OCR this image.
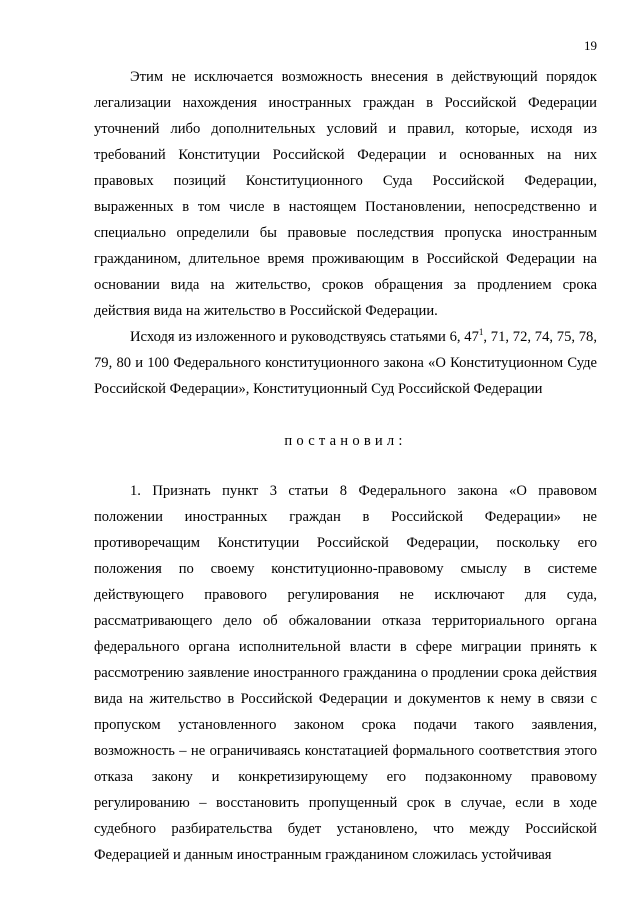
19

Этим не исключается возможность внесения в действующий порядок легализации нахождения иностранных граждан в Российской Федерации уточнений либо дополнительных условий и правил, которые, исходя из требований Конституции Российской Федерации и основанных на них правовых позиций Конституционного Суда Российской Федерации, выраженных в том числе в настоящем Постановлении, непосредственно и специально определили бы правовые последствия пропуска иностранным гражданином, длительное время проживающим в Российской Федерации на основании вида на жительство, сроков обращения за продлением срока действия вида на жительство в Российской Федерации.

Исходя из изложенного и руководствуясь статьями 6, $47^1$, 71, 72, 74, 75, 78, 79, 80 и 100 Федерального конституционного закона «О Конституционном Суде Российской Федерации», Конституционный Суд Российской Федерации

постановил:

1. Признать пункт 3 статьи 8 Федерального закона «О правовом положении иностранных граждан в Российской Федерации» не противоречащим Конституции Российской Федерации, поскольку его положения по своему конституционно-правовому смыслу в системе действующего правового регулирования не исключают для суда, рассматривающего дело об обжаловании отказа территориального органа федерального органа исполнительной власти в сфере миграции принять к рассмотрению заявление иностранного гражданина о продлении срока действия вида на жительство в Российской Федерации и документов к нему в связи с пропуском установленного законом срока подачи такого заявления, возможность – не ограничиваясь констатацией формального соответствия этого отказа закону и конкретизирующему его подзаконному правовому регулированию – восстановить пропущенный срок в случае, если в ходе судебного разбирательства будет установлено, что между Российской Федерацией и данным иностранным гражданином сложилась устойчивая
